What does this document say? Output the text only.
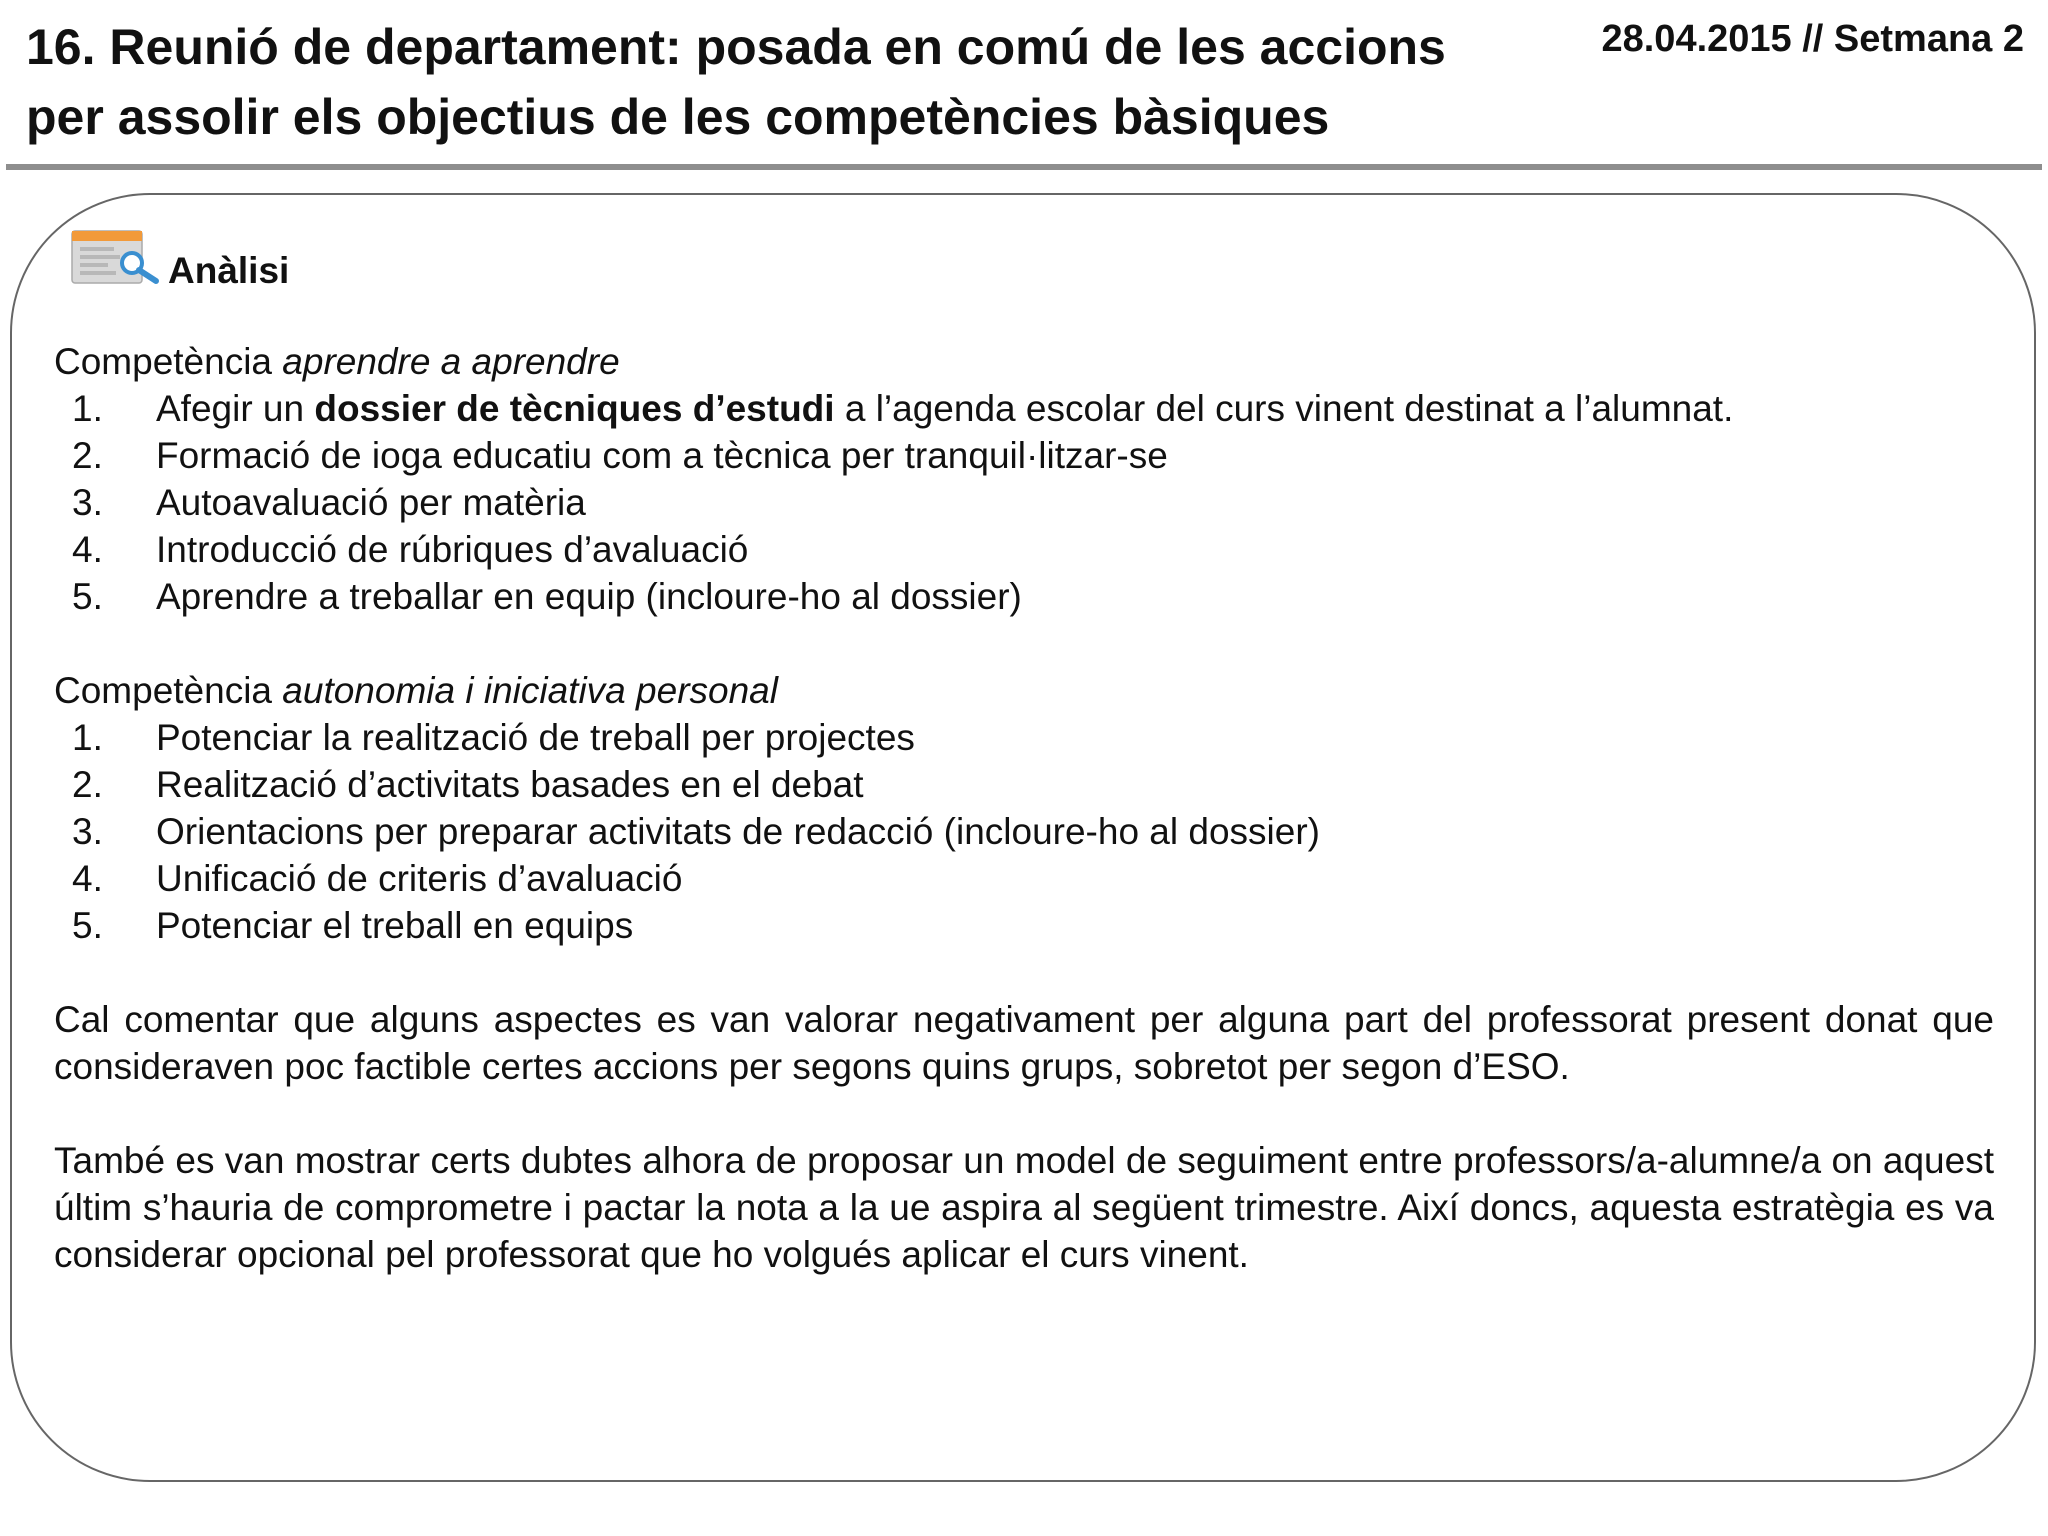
16. Reunió de departament: posada en comú de les accions
per assolir els objectius de les competències bàsiques
28.04.2015 // Setmana 2
Anàlisi
Competència aprendre a aprendre
1.	Afegir un dossier de tècniques d’estudi a l’agenda escolar del curs vinent destinat a l’alumnat.
2.	Formació de ioga educatiu com a tècnica per tranquil·litzar-se
3.	Autoavaluació per matèria
4.	Introducció de rúbriques d’avaluació
5.	Aprendre a treballar en equip (incloure-ho al dossier)
Competència autonomia i iniciativa personal
1.	Potenciar la realització de treball per projectes
2.	Realització d’activitats basades en el debat
3.	Orientacions per preparar activitats de redacció (incloure-ho al dossier)
4.	Unificació de criteris d’avaluació
5.	Potenciar el treball en equips

Cal comentar que alguns aspectes es van valorar negativament per alguna part del professorat present donat que consideraven poc factible certes accions per segons quins grups, sobretot per segon d’ESO.

També es van mostrar certs dubtes alhora de proposar un model de seguiment entre professors/a-alumne/a on aquest últim s’hauria de comprometre i pactar la nota a la ue aspira al següent trimestre. Així doncs, aquesta estratègia es va considerar opcional pel professorat que ho volgués aplicar el curs vinent.
